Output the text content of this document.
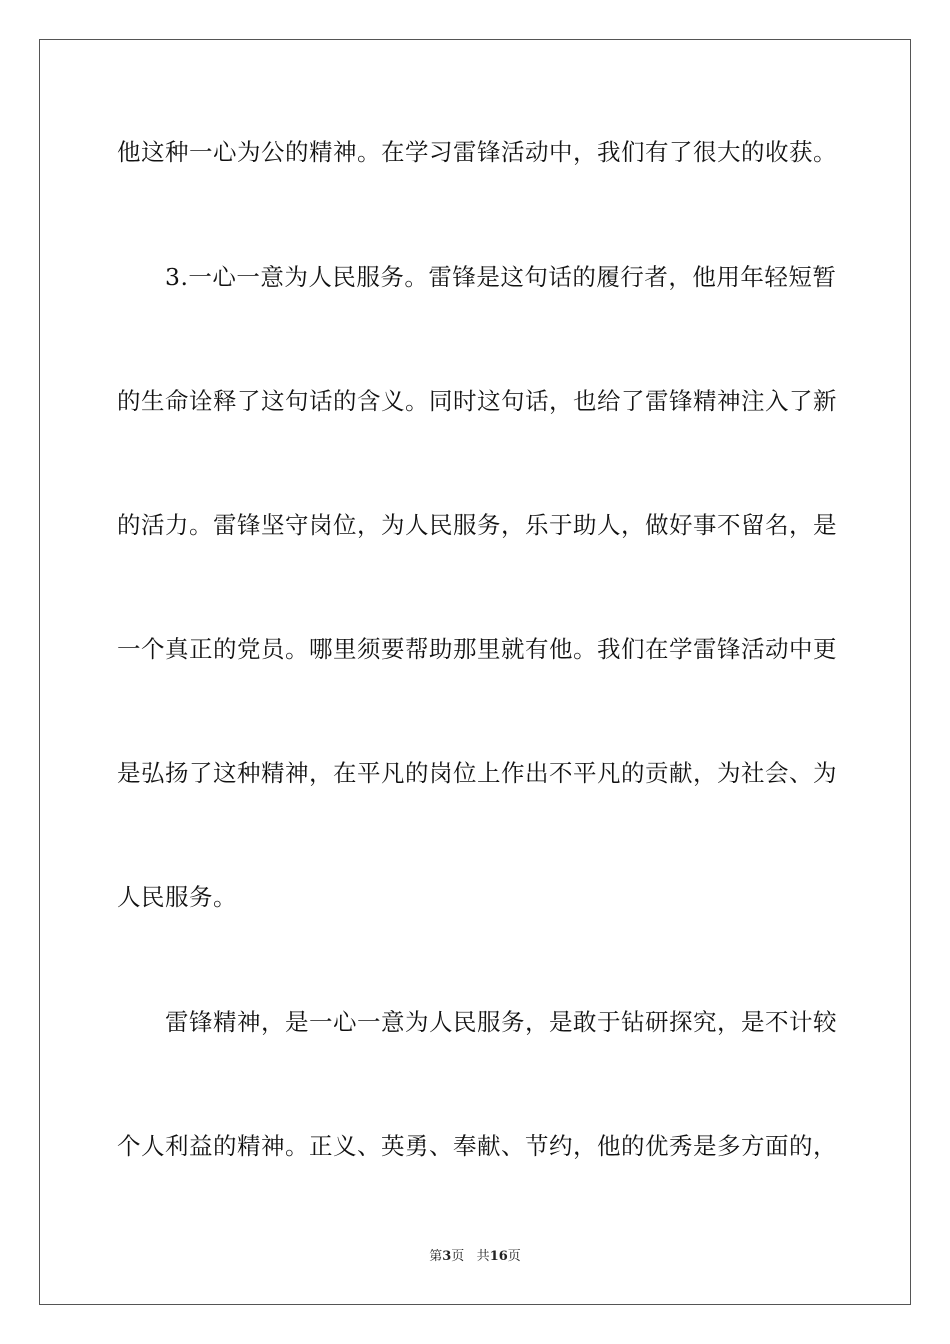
他这种一心为公的精神。在学习雷锋活动中，我们有了很大的收获。
3.一心一意为人民服务。雷锋是这句话的履行者，他用年轻短暂
的生命诠释了这句话的含义。同时这句话，也给了雷锋精神注入了新
的活力。雷锋坚守岗位，为人民服务，乐于助人，做好事不留名，是
一个真正的党员。哪里须要帮助那里就有他。我们在学雷锋活动中更
是弘扬了这种精神，在平凡的岗位上作出不平凡的贡献，为社会、为
人民服务。
雷锋精神，是一心一意为人民服务，是敢于钻研探究，是不计较
个人利益的精神。正义、英勇、奉献、节约，他的优秀是多方面的，
第3页 共16页
